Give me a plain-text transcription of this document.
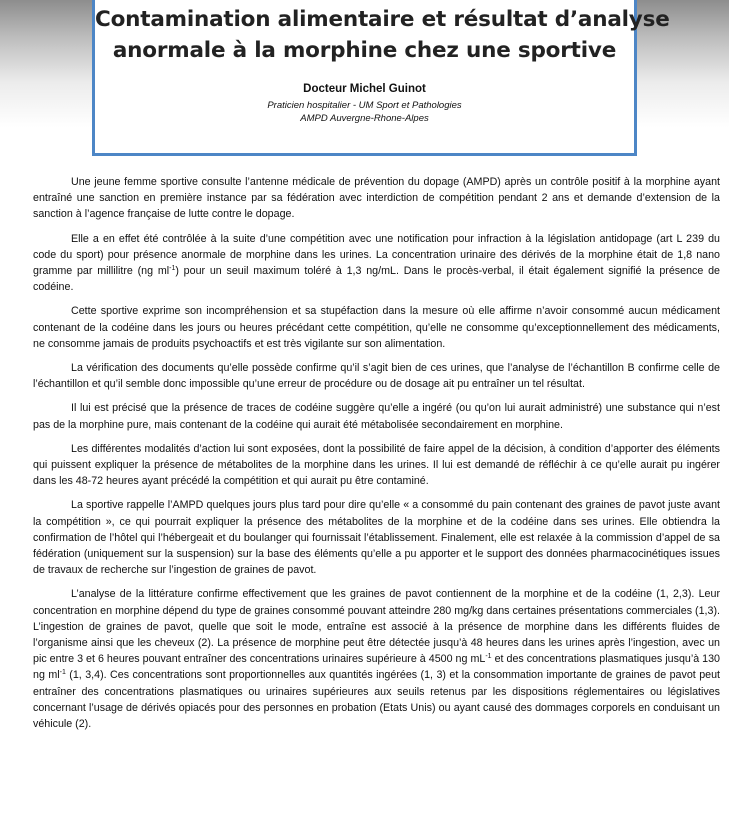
Contamination alimentaire et résultat d’analyse
anormale à la morphine chez une sportive
Docteur Michel Guinot
Praticien hospitalier - UM Sport et Pathologies
AMPD Auvergne-Rhone-Alpes

Une jeune femme sportive consulte l’antenne médicale de prévention du dopage (AMPD) après un contrôle positif à la morphine ayant entraîné une sanction en première instance par sa fédération avec interdiction de compétition pendant 2 ans et demande d’extension de la sanction à l’agence française de lutte contre le dopage.

Elle a en effet été contrôlée à la suite d’une compétition avec une notification pour infraction à la législation antidopage (art L 239 du code du sport) pour présence anormale de morphine dans les urines. La concentration urinaire des dérivés de la morphine était de 1,8 nano gramme par millilitre (ng $ml^{-1}$) pour un seuil maximum toléré à 1,3 ng/mL. Dans le procès-verbal, il était également signifié la présence de codéine.

Cette sportive exprime son incompréhension et sa stupéfaction dans la mesure où elle affirme n’avoir consommé aucun médicament contenant de la codéine dans les jours ou heures précédant cette compétition, qu’elle ne consomme qu’exceptionnellement des médicaments, ne consomme jamais de produits psychoactifs et est très vigilante sur son alimentation.

La vérification des documents qu’elle possède confirme qu’il s’agit bien de ces urines, que l’analyse de l’échantillon B confirme celle de l’échantillon et qu’il semble donc impossible qu’une erreur de procédure ou de dosage ait pu entraîner un tel résultat.

Il lui est précisé que la présence de traces de codéine suggère qu’elle a ingéré (ou qu’on lui aurait administré) une substance qui n’est pas de la morphine pure, mais contenant de la codéine qui aurait été métabolisée secondairement en morphine.

Les différentes modalités d’action lui sont exposées, dont la possibilité de faire appel de la décision, à condition d’apporter des éléments qui puissent expliquer la présence de métabolites de la morphine dans les urines. Il lui est demandé de réfléchir à ce qu’elle aurait pu ingérer dans les 48-72 heures ayant précédé la compétition et qui aurait pu être contaminé.

La sportive rappelle l’AMPD quelques jours plus tard pour dire qu’elle « a consommé du pain contenant des graines de pavot juste avant la compétition », ce qui pourrait expliquer la présence des métabolites de la morphine et de la codéine dans ses urines. Elle obtiendra la confirmation de l’hôtel qui l’hébergeait et du boulanger qui fournissait l’établissement. Finalement, elle est relaxée à la commission d’appel de sa fédération (uniquement sur la suspension) sur la base des éléments qu’elle a pu apporter et le support des données pharmacocinétiques issues de travaux de recherche sur l’ingestion de graines de pavot.

L’analyse de la littérature confirme effectivement que les graines de pavot contiennent de la morphine et de la codéine (1, 2,3). Leur concentration en morphine dépend du type de graines consommé pouvant atteindre 280 mg/kg dans certaines présentations commerciales (1,3). L’ingestion de graines de pavot, quelle que soit le mode, entraîne est associé à la présence de morphine dans les différents fluides de l’organisme ainsi que les cheveux (2). La présence de morphine peut être détectée jusqu’à 48 heures dans les urines après l’ingestion, avec un pic entre 3 et 6 heures pouvant entraîner des concentrations urinaires supérieure à 4500 ng $mL^{-1}$ et des concentrations plasmatiques jusqu’à 130 ng $ml^{-1}$ (1, 3,4). Ces concentrations sont proportionnelles aux quantités ingérées (1, 3) et la consommation importante de graines de pavot peut entraîner des concentrations plasmatiques ou urinaires supérieures aux seuils retenus par les dispositions réglementaires ou législatives concernant l’usage de dérivés opiacés pour des personnes en probation (Etats Unis) ou ayant causé des dommages corporels en conduisant un véhicule (2).
